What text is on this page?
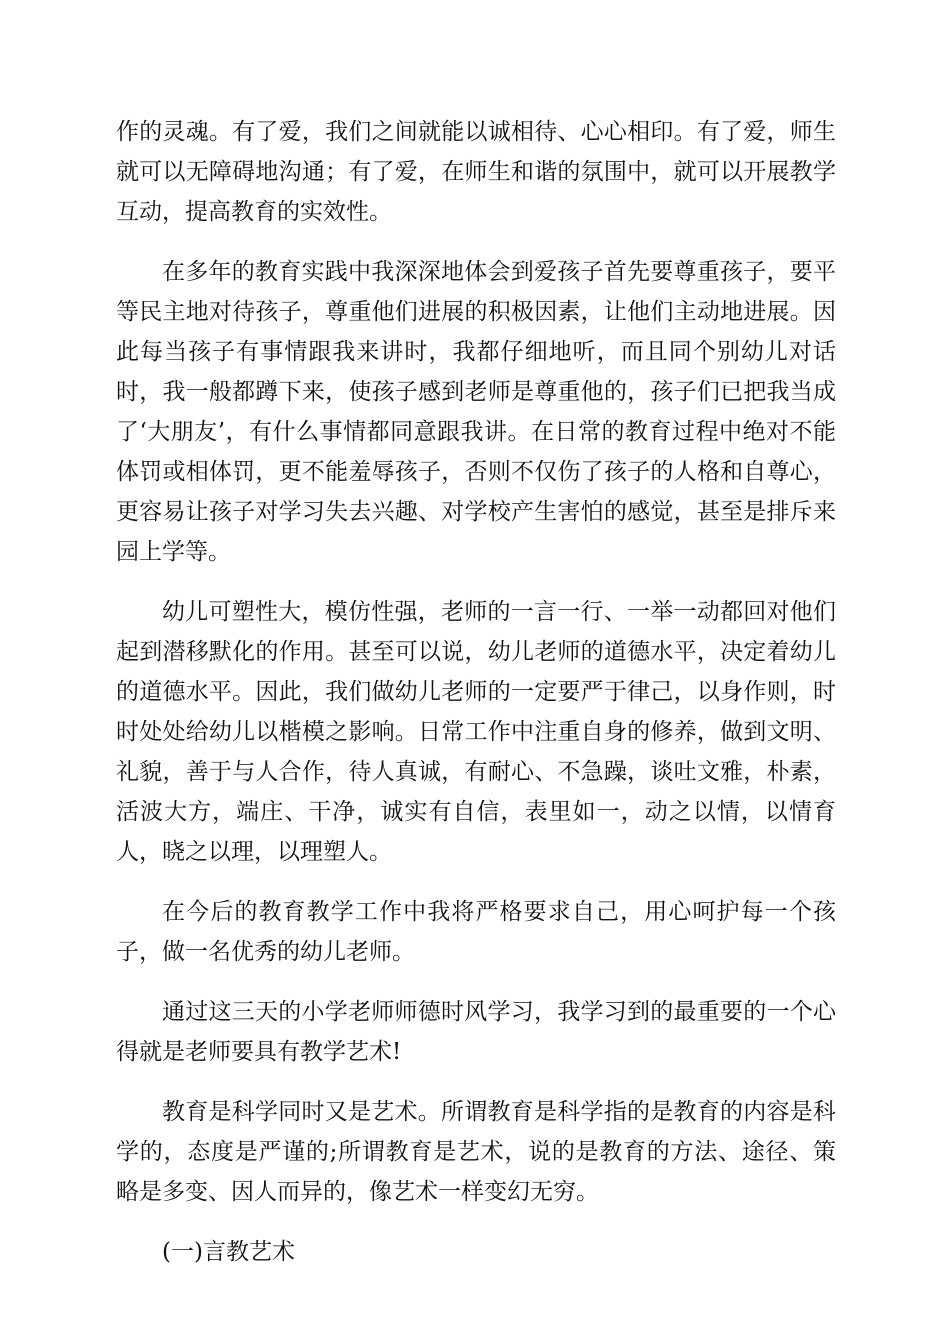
作的灵魂。有了爱，我们之间就能以诚相待、心心相印。有了爱，师生就可以无障碍地沟通；有了爱，在师生和谐的氛围中，就可以开展教学互动，提高教育的实效性。

在多年的教育实践中我深深地体会到爱孩子首先要尊重孩子，要平等民主地对待孩子，尊重他们进展的积极因素，让他们主动地进展。因此每当孩子有事情跟我来讲时，我都仔细地听，而且同个别幼儿对话时，我一般都蹲下来，使孩子感到老师是尊重他的，孩子们已把我当成了‘大朋友’，有什么事情都同意跟我讲。在日常的教育过程中绝对不能体罚或相体罚，更不能羞辱孩子，否则不仅伤了孩子的人格和自尊心，更容易让孩子对学习失去兴趣、对学校产生害怕的感觉，甚至是排斥来园上学等。

幼儿可塑性大，模仿性强，老师的一言一行、一举一动都回对他们起到潜移默化的作用。甚至可以说，幼儿老师的道德水平，决定着幼儿的道德水平。因此，我们做幼儿老师的一定要严于律己，以身作则，时时处处给幼儿以楷模之影响。日常工作中注重自身的修养，做到文明、礼貌，善于与人合作，待人真诚，有耐心、不急躁，谈吐文雅，朴素，活波大方，端庄、干净，诚实有自信，表里如一，动之以情，以情育人，晓之以理，以理塑人。

在今后的教育教学工作中我将严格要求自己，用心呵护每一个孩子，做一名优秀的幼儿老师。

通过这三天的小学老师师德时风学习，我学习到的最重要的一个心得就是老师要具有教学艺术!

教育是科学同时又是艺术。所谓教育是科学指的是教育的内容是科学的，态度是严谨的;所谓教育是艺术，说的是教育的方法、途径、策略是多变、因人而异的，像艺术一样变幻无穷。

(一)言教艺术
